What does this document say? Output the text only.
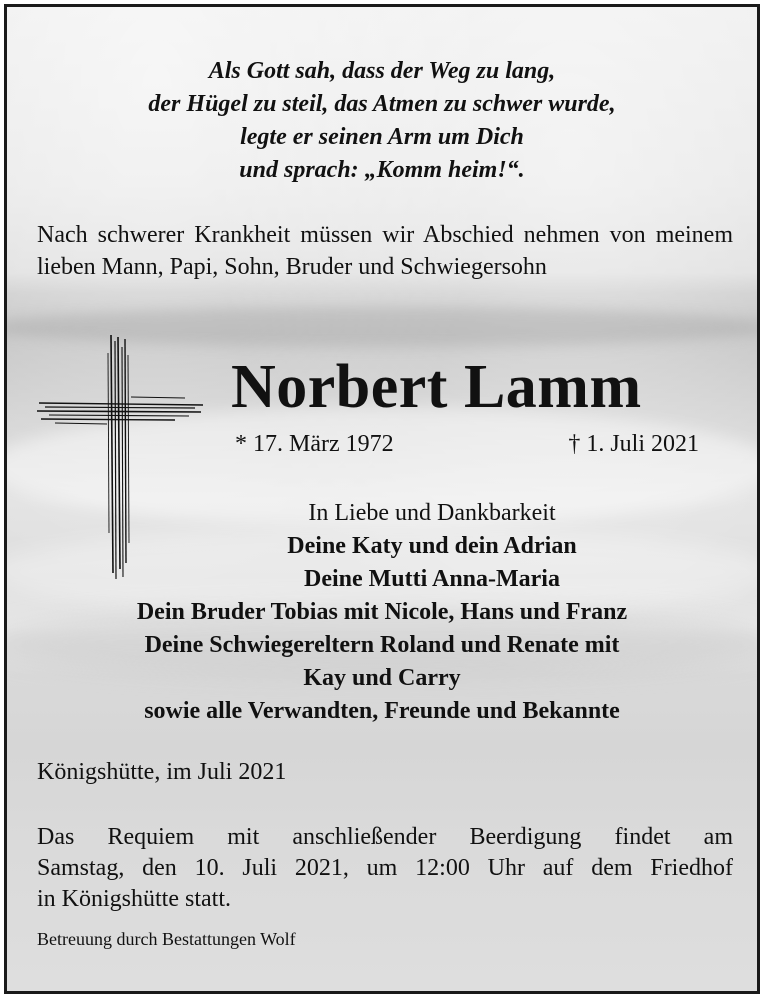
Als Gott sah, dass der Weg zu lang,
der Hügel zu steil, das Atmen zu schwer wurde,
legte er seinen Arm um Dich
und sprach: „Komm heim!“.
Nach schwerer Krankheit müssen wir Abschied nehmen von meinem lieben Mann, Papi, Sohn, Bruder und Schwiegersohn
Norbert Lamm
* 17. März 1972	† 1. Juli 2021
In Liebe und Dankbarkeit
Deine Katy und dein Adrian
Deine Mutti Anna-Maria
Dein Bruder Tobias mit Nicole, Hans und Franz
Deine Schwiegereltern Roland und Renate mit
Kay und Carry
sowie alle Verwandten, Freunde und Bekannte
Königshütte, im Juli 2021
Das Requiem mit anschließender Beerdigung findet am
Samstag, den 10. Juli 2021, um 12:00 Uhr auf dem Friedhof
in Königshütte statt.
Betreuung durch Bestattungen Wolf
